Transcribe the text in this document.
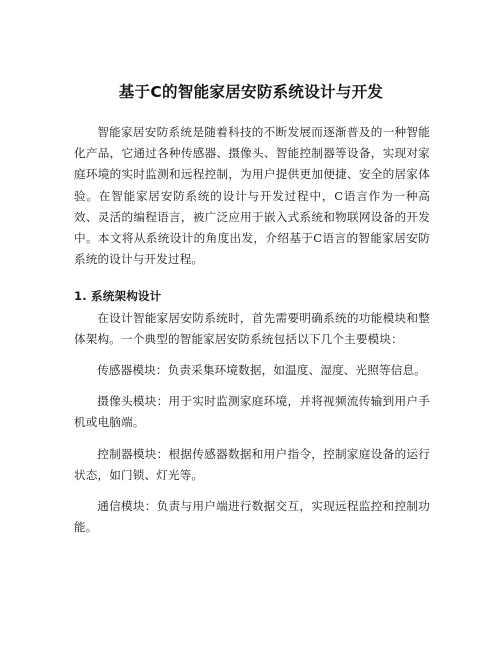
基于C的智能家居安防系统设计与开发

智能家居安防系统是随着科技的不断发展而逐渐普及的一种智能化产品，它通过各种传感器、摄像头、智能控制器等设备，实现对家庭环境的实时监测和远程控制，为用户提供更加便捷、安全的居家体验。在智能家居安防系统的设计与开发过程中，C语言作为一种高效、灵活的编程语言，被广泛应用于嵌入式系统和物联网设备的开发中。本文将从系统设计的角度出发，介绍基于C语言的智能家居安防系统的设计与开发过程。

1. 系统架构设计

在设计智能家居安防系统时，首先需要明确系统的功能模块和整体架构。一个典型的智能家居安防系统包括以下几个主要模块：

传感器模块：负责采集环境数据，如温度、湿度、光照等信息。

摄像头模块：用于实时监测家庭环境，并将视频流传输到用户手机或电脑端。

控制器模块：根据传感器数据和用户指令，控制家庭设备的运行状态，如门锁、灯光等。

通信模块：负责与用户端进行数据交互，实现远程监控和控制功能。
